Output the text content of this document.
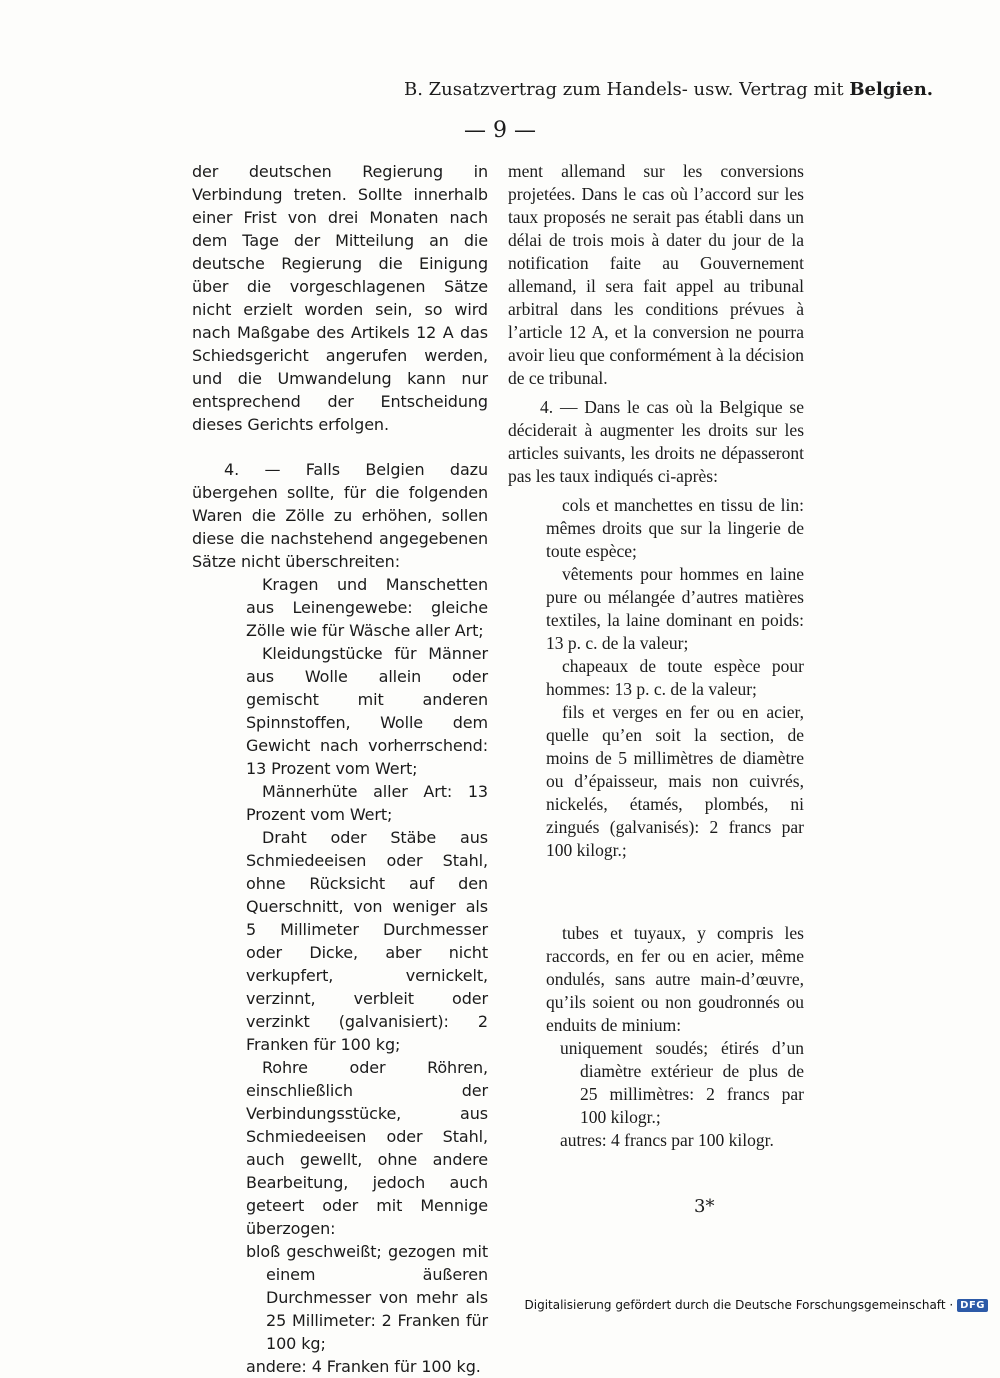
B. Zusatzvertrag zum Handels- usw. Vertrag mit Belgien.
— 9 —

der deutschen Regierung in Verbindung treten. Sollte innerhalb einer Frist von drei Monaten nach dem Tage der Mitteilung an die deutsche Regierung die Einigung über die vorgeschlagenen Sätze nicht erzielt worden sein, so wird nach Maßgabe des Artikels 12 A das Schiedsgericht angerufen werden, und die Umwandelung kann nur entsprechend der Entscheidung dieses Gerichts erfolgen.

4. — Falls Belgien dazu übergehen sollte, für die folgenden Waren die Zölle zu erhöhen, sollen diese die nachstehend angegebenen Sätze nicht überschreiten:

Kragen und Manschetten aus Leinengewebe: gleiche Zölle wie für Wäsche aller Art;

Kleidungstücke für Männer aus Wolle allein oder gemischt mit anderen Spinnstoffen, Wolle dem Gewicht nach vorherrschend: 13 Prozent vom Wert;

Männerhüte aller Art: 13 Prozent vom Wert;

Draht oder Stäbe aus Schmiedeeisen oder Stahl, ohne Rücksicht auf den Querschnitt, von weniger als 5 Millimeter Durchmesser oder Dicke, aber nicht verkupfert, vernickelt, verzinnt, verbleit oder verzinkt (galvanisiert): 2 Franken für 100 kg;

Rohre oder Röhren, einschließlich der Verbindungsstücke, aus Schmiedeeisen oder Stahl, auch gewellt, ohne andere Bearbeitung, jedoch auch geteert oder mit Mennige überzogen:

bloß geschweißt; gezogen mit einem äußeren Durchmesser von mehr als 25 Millimeter: 2 Franken für 100 kg;

andere: 4 Franken für 100 kg.

ment allemand sur les conversions projetées. Dans le cas où l’accord sur les taux proposés ne serait pas établi dans un délai de trois mois à dater du jour de la notification faite au Gouvernement allemand, il sera fait appel au tribunal arbitral dans les conditions prévues à l’article 12 A, et la conversion ne pourra avoir lieu que conformément à la décision de ce tribunal.

4. — Dans le cas où la Belgique se déciderait à augmenter les droits sur les articles suivants, les droits ne dépasseront pas les taux indiqués ci-après:

cols et manchettes en tissu de lin: mêmes droits que sur la lingerie de toute espèce;

vêtements pour hommes en laine pure ou mélangée d’autres matières textiles, la laine dominant en poids: 13 p. c. de la valeur;

chapeaux de toute espèce pour hommes: 13 p. c. de la valeur;

fils et verges en fer ou en acier, quelle qu’en soit la section, de moins de 5 millimètres de diamètre ou d’épaisseur, mais non cuivrés, nickelés, étamés, plombés, ni zingués (galvanisés): 2 francs par 100 kilogr.;

tubes et tuyaux, y compris les raccords, en fer ou en acier, même ondulés, sans autre main-d’œuvre, qu’ils soient ou non goudronnés ou enduits de minium:

uniquement soudés; étirés d’un diamètre extérieur de plus de 25 millimètres: 2 francs par 100 kilogr.;

autres: 4 francs par 100 kilogr.

3*
Digitalisierung gefördert durch die Deutsche Forschungsgemeinschaft · DFG
